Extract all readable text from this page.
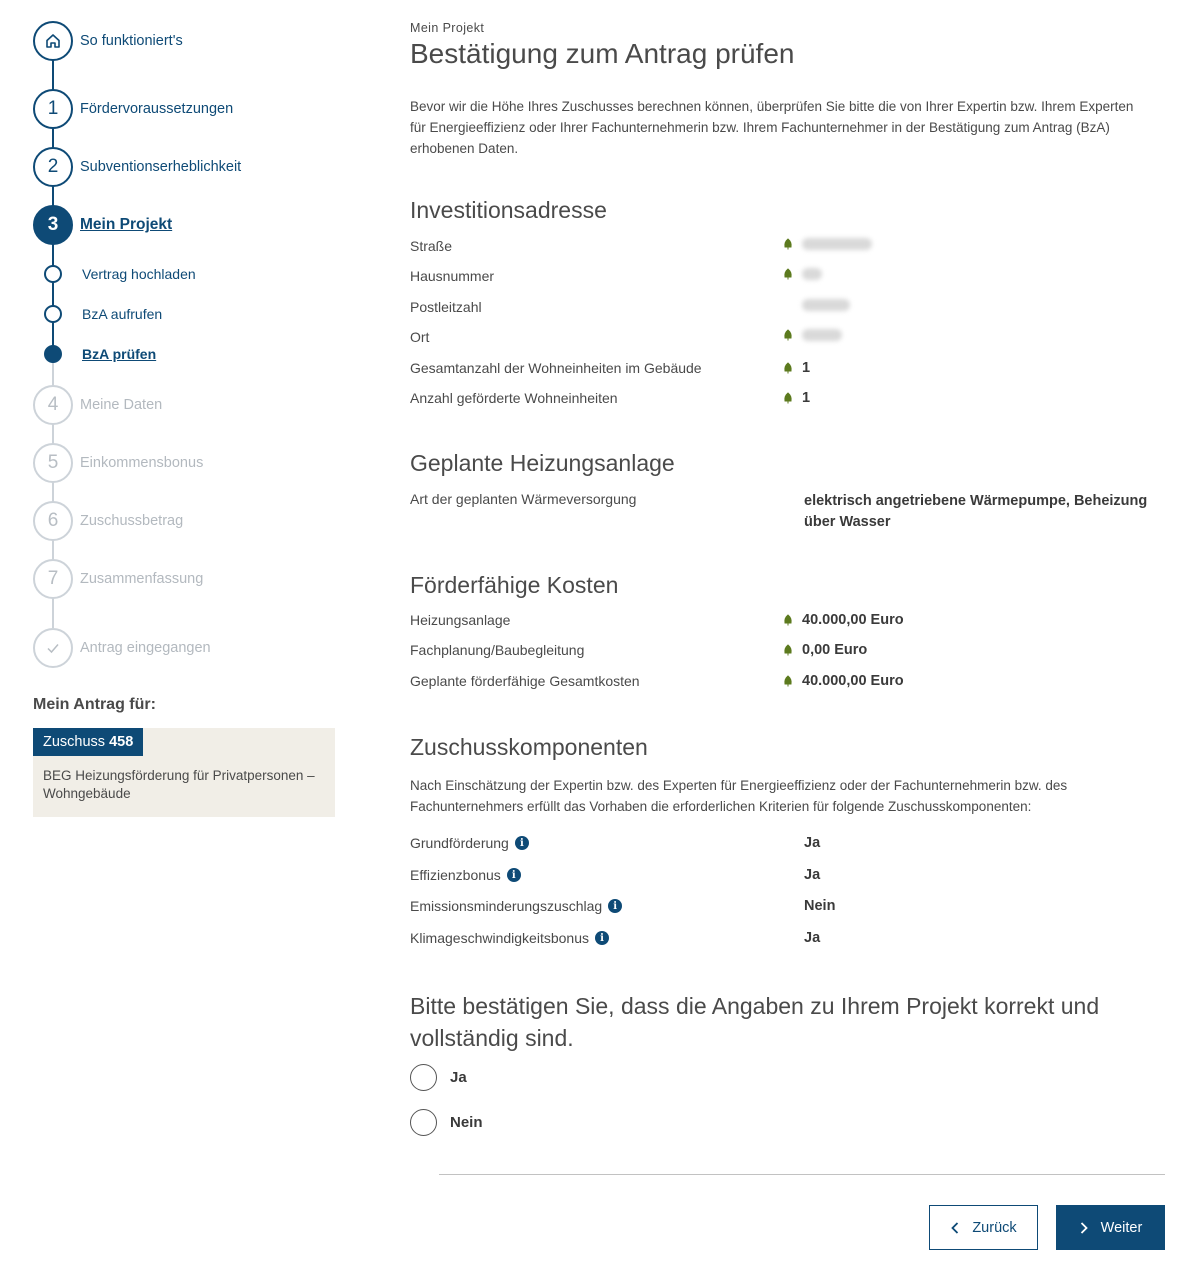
So funktioniert's
1	Fördervoraussetzungen
2	Subventionserheblichkeit
3	Mein Projekt
Vertrag hochladen
BzA aufrufen
BzA prüfen
4	Meine Daten
5	Einkommensbonus
6	Zuschussbetrag
7	Zusammenfassung
Antrag eingegangen
Mein Antrag für:
Zuschuss 458
BEG Heizungsförderung für Privatpersonen – Wohngebäude
Mein Projekt
Bestätigung zum Antrag prüfen

Bevor wir die Höhe Ihres Zuschusses berechnen können, überprüfen Sie bitte die von Ihrer Expertin bzw. Ihrem Experten für Energieeffizienz oder Ihrer Fachunternehmerin bzw. Ihrem Fachunternehmer in der Bestätigung zum Antrag (BzA) erhobenen Daten.

Investitionsadresse
Straße
Hausnummer
Postleitzahl
Ort
Gesamtanzahl der Wohneinheiten im Gebäude	1
Anzahl geförderte Wohneinheiten	1
Geplante Heizungsanlage
Art der geplanten Wärmeversorgung	elektrisch angetriebene Wärmepumpe, Beheizung
über Wasser
Förderfähige Kosten
Heizungsanlage	40.000,00 Euro
Fachplanung/Baubegleitung	0,00 Euro
Geplante förderfähige Gesamtkosten	40.000,00 Euro
Zuschusskomponenten

Nach Einschätzung der Expertin bzw. des Experten für Energieeffizienz oder der Fachunternehmerin bzw. des Fachunternehmers erfüllt das Vorhaben die erforderlichen Kriterien für folgende Zuschusskomponenten:

Grundförderung	i	Ja
Effizienzbonus	i	Ja
Emissionsminderungszuschlag	i	Nein
Klimageschwindigkeitsbonus	i	Ja
Bitte bestätigen Sie, dass die Angaben zu Ihrem Projekt korrekt und vollständig sind.
Ja
Nein
Zurück	Weiter
